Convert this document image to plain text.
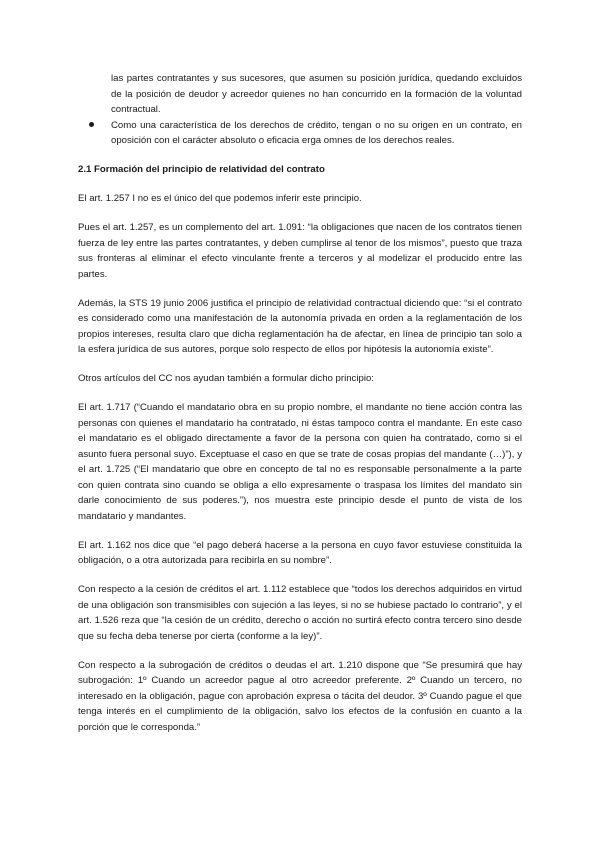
las partes contratantes y sus sucesores, que asumen su posición jurídica, quedando excluidos de la posición de deudor y acreedor quienes no han concurrido en la formación de la voluntad contractual.

Como una característica de los derechos de crédito, tengan o no su origen en un contrato, en oposición con el carácter absoluto o eficacia erga omnes de los derechos reales.

2.1 Formación del principio de relatividad del contrato

El art. 1.257 I no es el único del que podemos inferir este principio.

Pues el art. 1.257, es un complemento del art. 1.091: “la obligaciones que nacen de los contratos tienen fuerza de ley entre las partes contratantes, y deben cumplirse al tenor de los mismos”, puesto que traza sus fronteras al eliminar el efecto vinculante frente a terceros y al modelizar el producido entre las partes.

Además, la STS 19 junio 2006 justifica el principio de relatividad contractual diciendo que: “si el contrato es considerado como una manifestación de la autonomía privada en orden a la reglamentación de los propios intereses, resulta claro que dicha reglamentación ha de afectar, en línea de principio tan solo a la esfera jurídica de sus autores, porque solo respecto de ellos por hipótesis la autonomía existe”.

Otros artículos del CC nos ayudan también a formular dicho principio:

El art. 1.717 (“Cuando el mandatario obra en su propio nombre, el mandante no tiene acción contra las personas con quienes el mandatario ha contratado, ni éstas tampoco contra el mandante. En este caso el mandatario es el obligado directamente a favor de la persona con quien ha contratado, como si el asunto fuera personal suyo. Exceptuase el caso en que se trate de cosas propias del mandante (…)”), y el art. 1.725 (“El mandatario que obre en concepto de tal no es responsable personalmente a la parte con quien contrata sino cuando se obliga a ello expresamente o traspasa los límites del mandato sin darle conocimiento de sus poderes.”), nos muestra este principio desde el punto de vista de los mandatario y mandantes.

El art. 1.162 nos dice que “el pago deberá hacerse a la persona en cuyo favor estuviese constituida la obligación, o a otra autorizada para recibirla en su nombre”.

Con respecto a la cesión de créditos el art. 1.112 establece que “todos los derechos adquiridos en virtud de una obligación son transmisibles con sujeción a las leyes, si no se hubiese pactado lo contrario”, y el art. 1.526 reza que “la cesión de un crédito, derecho o acción no surtirá efecto contra tercero sino desde que su fecha deba tenerse por cierta (conforme a la ley)”.

Con respecto a la subrogación de créditos o deudas el art. 1.210 dispone que “Se presumirá que hay subrogación: 1º Cuando un acreedor pague al otro acreedor preferente. 2º Cuando un tercero, no interesado en la obligación, pague con aprobación expresa o tácita del deudor. 3º Cuando pague el que tenga interés en el cumplimiento de la obligación, salvo los efectos de la confusión en cuanto a la porción que le corresponda.”
